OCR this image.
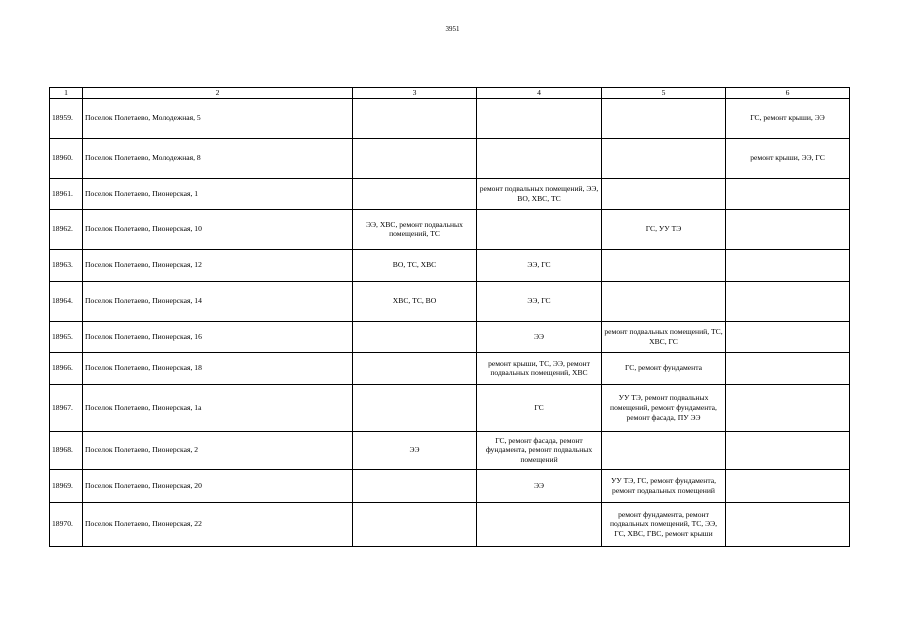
3951
1	2	3	4	5	6
18959.	Поселок Полетаево, Молодежная, 5				ГС, ремонт крыши, ЭЭ
18960.	Поселок Полетаево, Молодежная, 8				ремонт крыши, ЭЭ, ГС
18961.	Поселок Полетаево, Пионерская, 1		ремонт подвальных помещений, ЭЭ, ВО, ХВС, ТС		
18962.	Поселок Полетаево, Пионерская, 10	ЭЭ, ХВС, ремонт подвальных помещений, ТС		ГС, УУ ТЭ	
18963.	Поселок Полетаево, Пионерская, 12	ВО, ТС, ХВС	ЭЭ, ГС		
18964.	Поселок Полетаево, Пионерская, 14	ХВС, ТС, ВО	ЭЭ, ГС		
18965.	Поселок Полетаево, Пионерская, 16		ЭЭ	ремонт подвальных помещений, ТС, ХВС, ГС	
18966.	Поселок Полетаево, Пионерская, 18		ремонт крыши, ТС, ЭЭ, ремонт подвальных помещений, ХВС	ГС, ремонт фундамента	
18967.	Поселок Полетаево, Пионерская, 1а		ГС	УУ ТЭ, ремонт подвальных помещений, ремонт фундамента, ремонт фасада, ПУ ЭЭ	
18968.	Поселок Полетаево, Пионерская, 2	ЭЭ	ГС, ремонт фасада, ремонт фундамента, ремонт подвальных помещений		
18969.	Поселок Полетаево, Пионерская, 20		ЭЭ	УУ ТЭ, ГС, ремонт фундамента, ремонт подвальных помещений	
18970.	Поселок Полетаево, Пионерская, 22			ремонт фундамента, ремонт подвальных помещений, ТС, ЭЭ, ГС, ХВС, ГВС, ремонт крыши	
